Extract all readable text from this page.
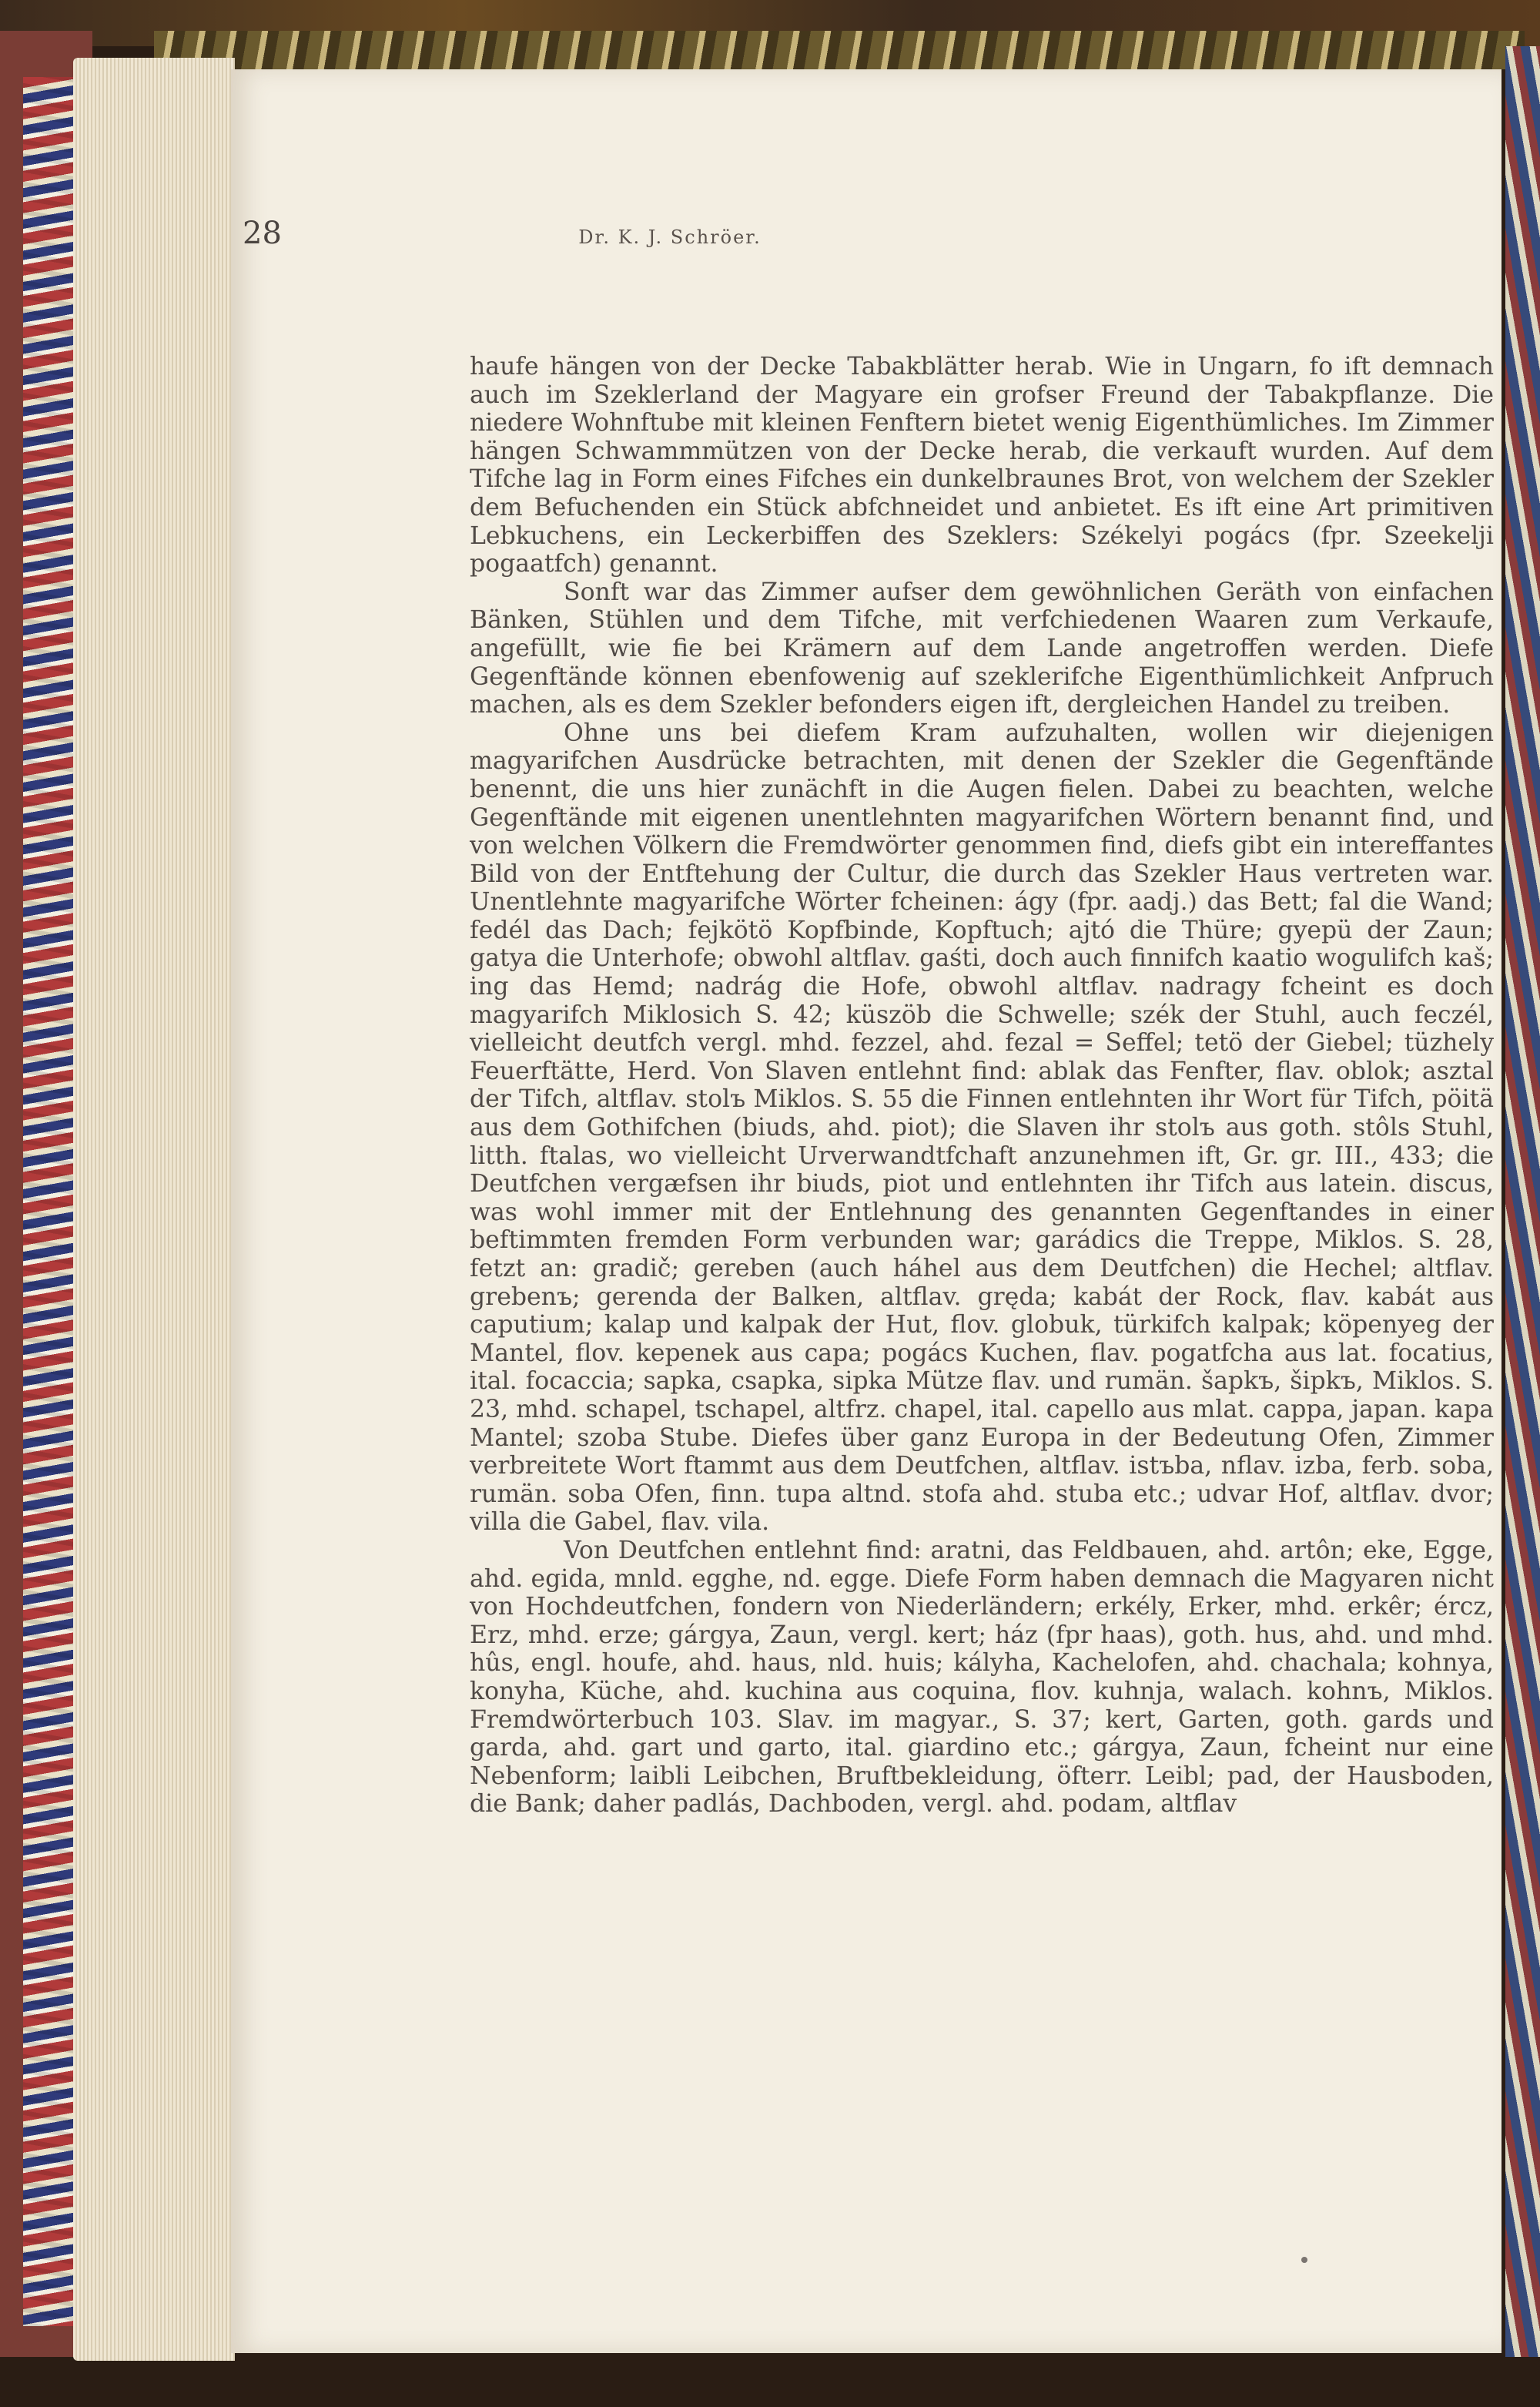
28	Dr. K. J. Schröer.

haufe hängen von der Decke Tabakblätter herab. Wie in Ungarn, fo ift demnach auch im Szeklerland der Magyare ein grofser Freund der Tabakpflanze. Die niedere Wohnftube mit kleinen Fenftern bietet wenig Eigenthümliches. Im Zimmer hängen Schwammmützen von der Decke herab, die verkauft wurden. Auf dem Tifche lag in Form eines Fifches ein dunkelbraunes Brot, von welchem der Szekler dem Befuchenden ein Stück abfchneidet und anbietet. Es ift eine Art primitiven Lebkuchens, ein Leckerbiffen des Szeklers: Székelyi pogács (fpr. Szeekelji pogaatfch) genannt.

Sonft war das Zimmer aufser dem gewöhnlichen Geräth von einfachen Bänken, Stühlen und dem Tifche, mit verfchiedenen Waaren zum Verkaufe, angefüllt, wie fie bei Krämern auf dem Lande angetroffen werden. Diefe Gegenftände können ebenfowenig auf szeklerifche Eigenthümlichkeit Anfpruch machen, als es dem Szekler befonders eigen ift, dergleichen Handel zu treiben.

Ohne uns bei diefem Kram aufzuhalten, wollen wir diejenigen magyarifchen Ausdrücke betrachten, mit denen der Szekler die Gegenftände benennt, die uns hier zunächft in die Augen fielen. Dabei zu beachten, welche Gegenftände mit eigenen unentlehnten magyarifchen Wörtern benannt find, und von welchen Völkern die Fremdwörter genommen find, diefs gibt ein intereffantes Bild von der Entftehung der Cultur, die durch das Szekler Haus vertreten war. Unentlehnte magyarifche Wörter fcheinen: ágy (fpr. aadj.) das Bett; fal die Wand; fedél das Dach; fejkötö Kopfbinde, Kopftuch; ajtó die Thüre; gyepü der Zaun; gatya die Unterhofe; obwohl altflav. gaśti, doch auch finnifch kaatio wogulifch kaš; ing das Hemd; nadrág die Hofe, obwohl altflav. nadragy fcheint es doch magyarifch Miklosich S. 42; küszöb die Schwelle; szék der Stuhl, auch feczél, vielleicht deutfch vergl. mhd. fezzel, ahd. fezal = Seffel; tetö der Giebel; tüzhely Feuerftätte, Herd. Von Slaven entlehnt find: ablak das Fenfter, flav. oblok; asztal der Tifch, altflav. stolъ Miklos. S. 55 die Finnen entlehnten ihr Wort für Tifch, pöitä aus dem Gothifchen (biuds, ahd. piot); die Slaven ihr stolъ aus goth. stôls Stuhl, litth. ftalas, wo vielleicht Urverwandtfchaft anzunehmen ift, Gr. gr. III., 433; die Deutfchen vergæfsen ihr biuds, piot und entlehnten ihr Tifch aus latein. discus, was wohl immer mit der Entlehnung des genannten Gegenftandes in einer beftimmten fremden Form verbunden war; garádics die Treppe, Miklos. S. 28, fetzt an: gradič; gereben (auch háhel aus dem Deutfchen) die Hechel; altflav. grebenъ; gerenda der Balken, altflav. gręda; kabát der Rock, flav. kabát aus caputium; kalap und kalpak der Hut, flov. globuk, türkifch kalpak; köpenyeg der Mantel, flov. kepenek aus capa; pogács Kuchen, flav. pogatfcha aus lat. focatius, ital. focaccia; sapka, csapka, sipka Mütze flav. und rumän. šapkъ, šipkъ, Miklos. S. 23, mhd. schapel, tschapel, altfrz. chapel, ital. capello aus mlat. cappa, japan. kapa Mantel; szoba Stube. Diefes über ganz Europa in der Bedeutung Ofen, Zimmer verbreitete Wort ftammt aus dem Deutfchen, altflav. istъba, nflav. izba, ferb. soba, rumän. soba Ofen, finn. tupa altnd. stofa ahd. stuba etc.; udvar Hof, altflav. dvor; villa die Gabel, flav. vila.

Von Deutfchen entlehnt find: aratni, das Feldbauen, ahd. artôn; eke, Egge, ahd. egida, mnld. egghe, nd. egge. Diefe Form haben demnach die Magyaren nicht von Hochdeutfchen, fondern von Niederländern; erkély, Erker, mhd. erkêr; ércz, Erz, mhd. erze; gárgya, Zaun, vergl. kert; ház (fpr haas), goth. hus, ahd. und mhd. hûs, engl. houfe, ahd. haus, nld. huis; kályha, Kachelofen, ahd. chachala; kohnya, konyha, Küche, ahd. kuchina aus coquina, flov. kuhnja, walach. kohnъ, Miklos. Fremdwörterbuch 103. Slav. im magyar., S. 37; kert, Garten, goth. gards und garda, ahd. gart und garto, ital. giardino etc.; gárgya, Zaun, fcheint nur eine Nebenform; laibli Leibchen, Bruftbekleidung, öfterr. Leibl; pad, der Hausboden, die Bank; daher padlás, Dachboden, vergl. ahd. podam, altflav
